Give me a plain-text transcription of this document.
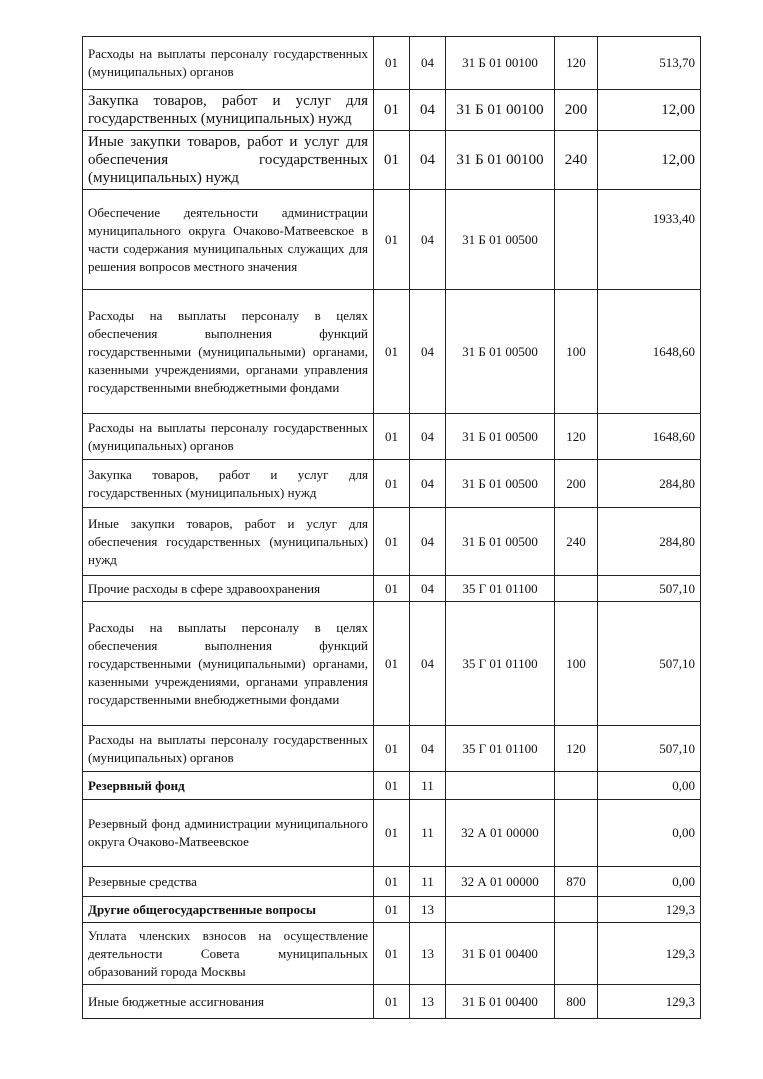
Расходы на выплаты персоналу государственных (муниципальных) органов	01	04	31 Б 01 00100	120	513,70
Закупка товаров, работ и услуг для государственных (муниципальных) нужд	01	04	31 Б 01 00100	200	12,00
Иные закупки товаров, работ и услуг для обеспечения государственных (муниципальных) нужд	01	04	31 Б 01 00100	240	12,00
Обеспечение деятельности администрации муниципального округа Очаково-Матвеевское в части содержания муниципальных служащих для решения вопросов местного значения	01	04	31 Б 01 00500		1933,40
Расходы на выплаты персоналу в целях обеспечения выполнения функций государственными (муниципальными) органами, казенными учреждениями, органами управления государственными внебюджетными фондами	01	04	31 Б 01 00500	100	1648,60
Расходы на выплаты персоналу государственных (муниципальных) органов	01	04	31 Б 01 00500	120	1648,60
Закупка товаров, работ и услуг для государственных (муниципальных) нужд	01	04	31 Б 01 00500	200	284,80
Иные закупки товаров, работ и услуг для обеспечения государственных (муниципальных) нужд	01	04	31 Б 01 00500	240	284,80
Прочие расходы в сфере здравоохранения	01	04	35 Г 01 01100		507,10
Расходы на выплаты персоналу в целях обеспечения выполнения функций государственными (муниципальными) органами, казенными учреждениями, органами управления государственными внебюджетными фондами	01	04	35 Г 01 01100	100	507,10
Расходы на выплаты персоналу государственных (муниципальных) органов	01	04	35 Г 01 01100	120	507,10
Резервный фонд	01	11			0,00
Резервный фонд администрации муниципального округа Очаково-Матвеевское	01	11	32 А 01 00000		0,00
Резервные средства	01	11	32 А 01 00000	870	0,00
Другие общегосударственные вопросы	01	13			129,3
Уплата членских взносов на осуществление деятельности Совета муниципальных образований города Москвы	01	13	31 Б 01 00400		129,3
Иные бюджетные ассигнования	01	13	31 Б 01 00400	800	129,3
